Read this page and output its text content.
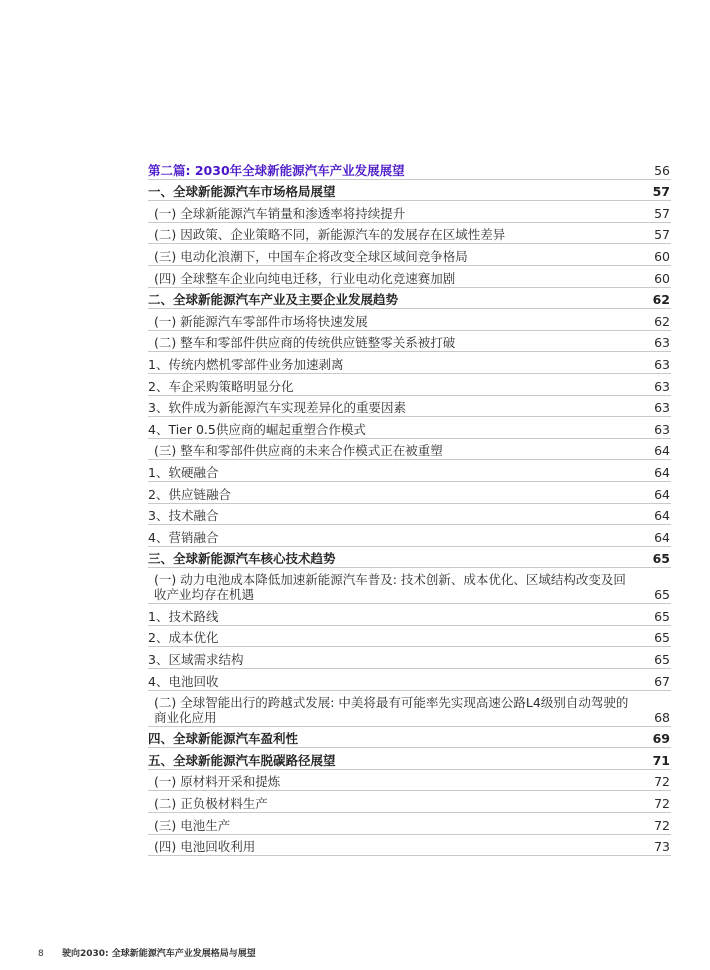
第二篇: 2030年全球新能源汽车产业发展展望	56
一、全球新能源汽车市场格局展望	57
(一) 全球新能源汽车销量和渗透率将持续提升	57
(二) 因政策、企业策略不同，新能源汽车的发展存在区域性差异	57
(三) 电动化浪潮下，中国车企将改变全球区域间竞争格局	60
(四) 全球整车企业向纯电迁移，行业电动化竞速赛加剧	60
二、全球新能源汽车产业及主要企业发展趋势	62
(一) 新能源汽车零部件市场将快速发展	62
(二) 整车和零部件供应商的传统供应链整零关系被打破	63
1、传统内燃机零部件业务加速剥离	63
2、车企采购策略明显分化	63
3、软件成为新能源汽车实现差异化的重要因素	63
4、Tier 0.5供应商的崛起重塑合作模式	63
(三) 整车和零部件供应商的未来合作模式正在被重塑	64
1、软硬融合	64
2、供应链融合	64
3、技术融合	64
4、营销融合	64
三、全球新能源汽车核心技术趋势	65
(一) 动力电池成本降低加速新能源汽车普及: 技术创新、成本优化、区域结构改变及回收产业均存在机遇	65
1、技术路线	65
2、成本优化	65
3、区域需求结构	65
4、电池回收	67
(二) 全球智能出行的跨越式发展: 中美将最有可能率先实现高速公路L4级别自动驾驶的商业化应用	68
四、全球新能源汽车盈利性	69
五、全球新能源汽车脱碳路径展望	71
(一) 原材料开采和提炼	72
(二) 正负极材料生产	72
(三) 电池生产	72
(四) 电池回收利用	73
8 驶向2030: 全球新能源汽车产业发展格局与展望
